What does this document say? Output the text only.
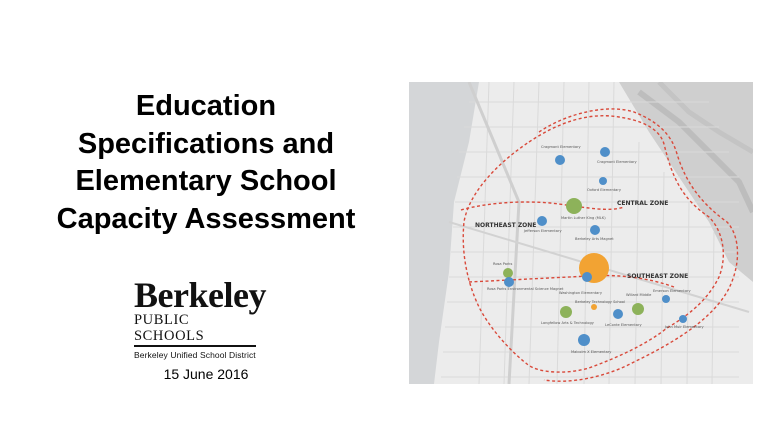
Education
Specifications and
Elementary School
Capacity Assessment
Berkeley
PUBLIC SCHOOLS
Berkeley Unified School District
15 June 2016
NORTHEAST ZONE
CENTRAL ZONE
SOUTHEAST ZONE
Cragmont Elementary
Cragmont Elementary
Oxford Elementary
Martin Luther King (MLK)
Jefferson Elementary
Berkeley Arts Magnet
Rosa Parks
Washington Elementary
Rosa Parks Environmental Science Magnet
Berkeley Technology School
Longfellow Arts & Technology	LeConte Elementary
Emerson Elementary
Willard Middle
John Muir Elementary
Malcolm X Elementary
